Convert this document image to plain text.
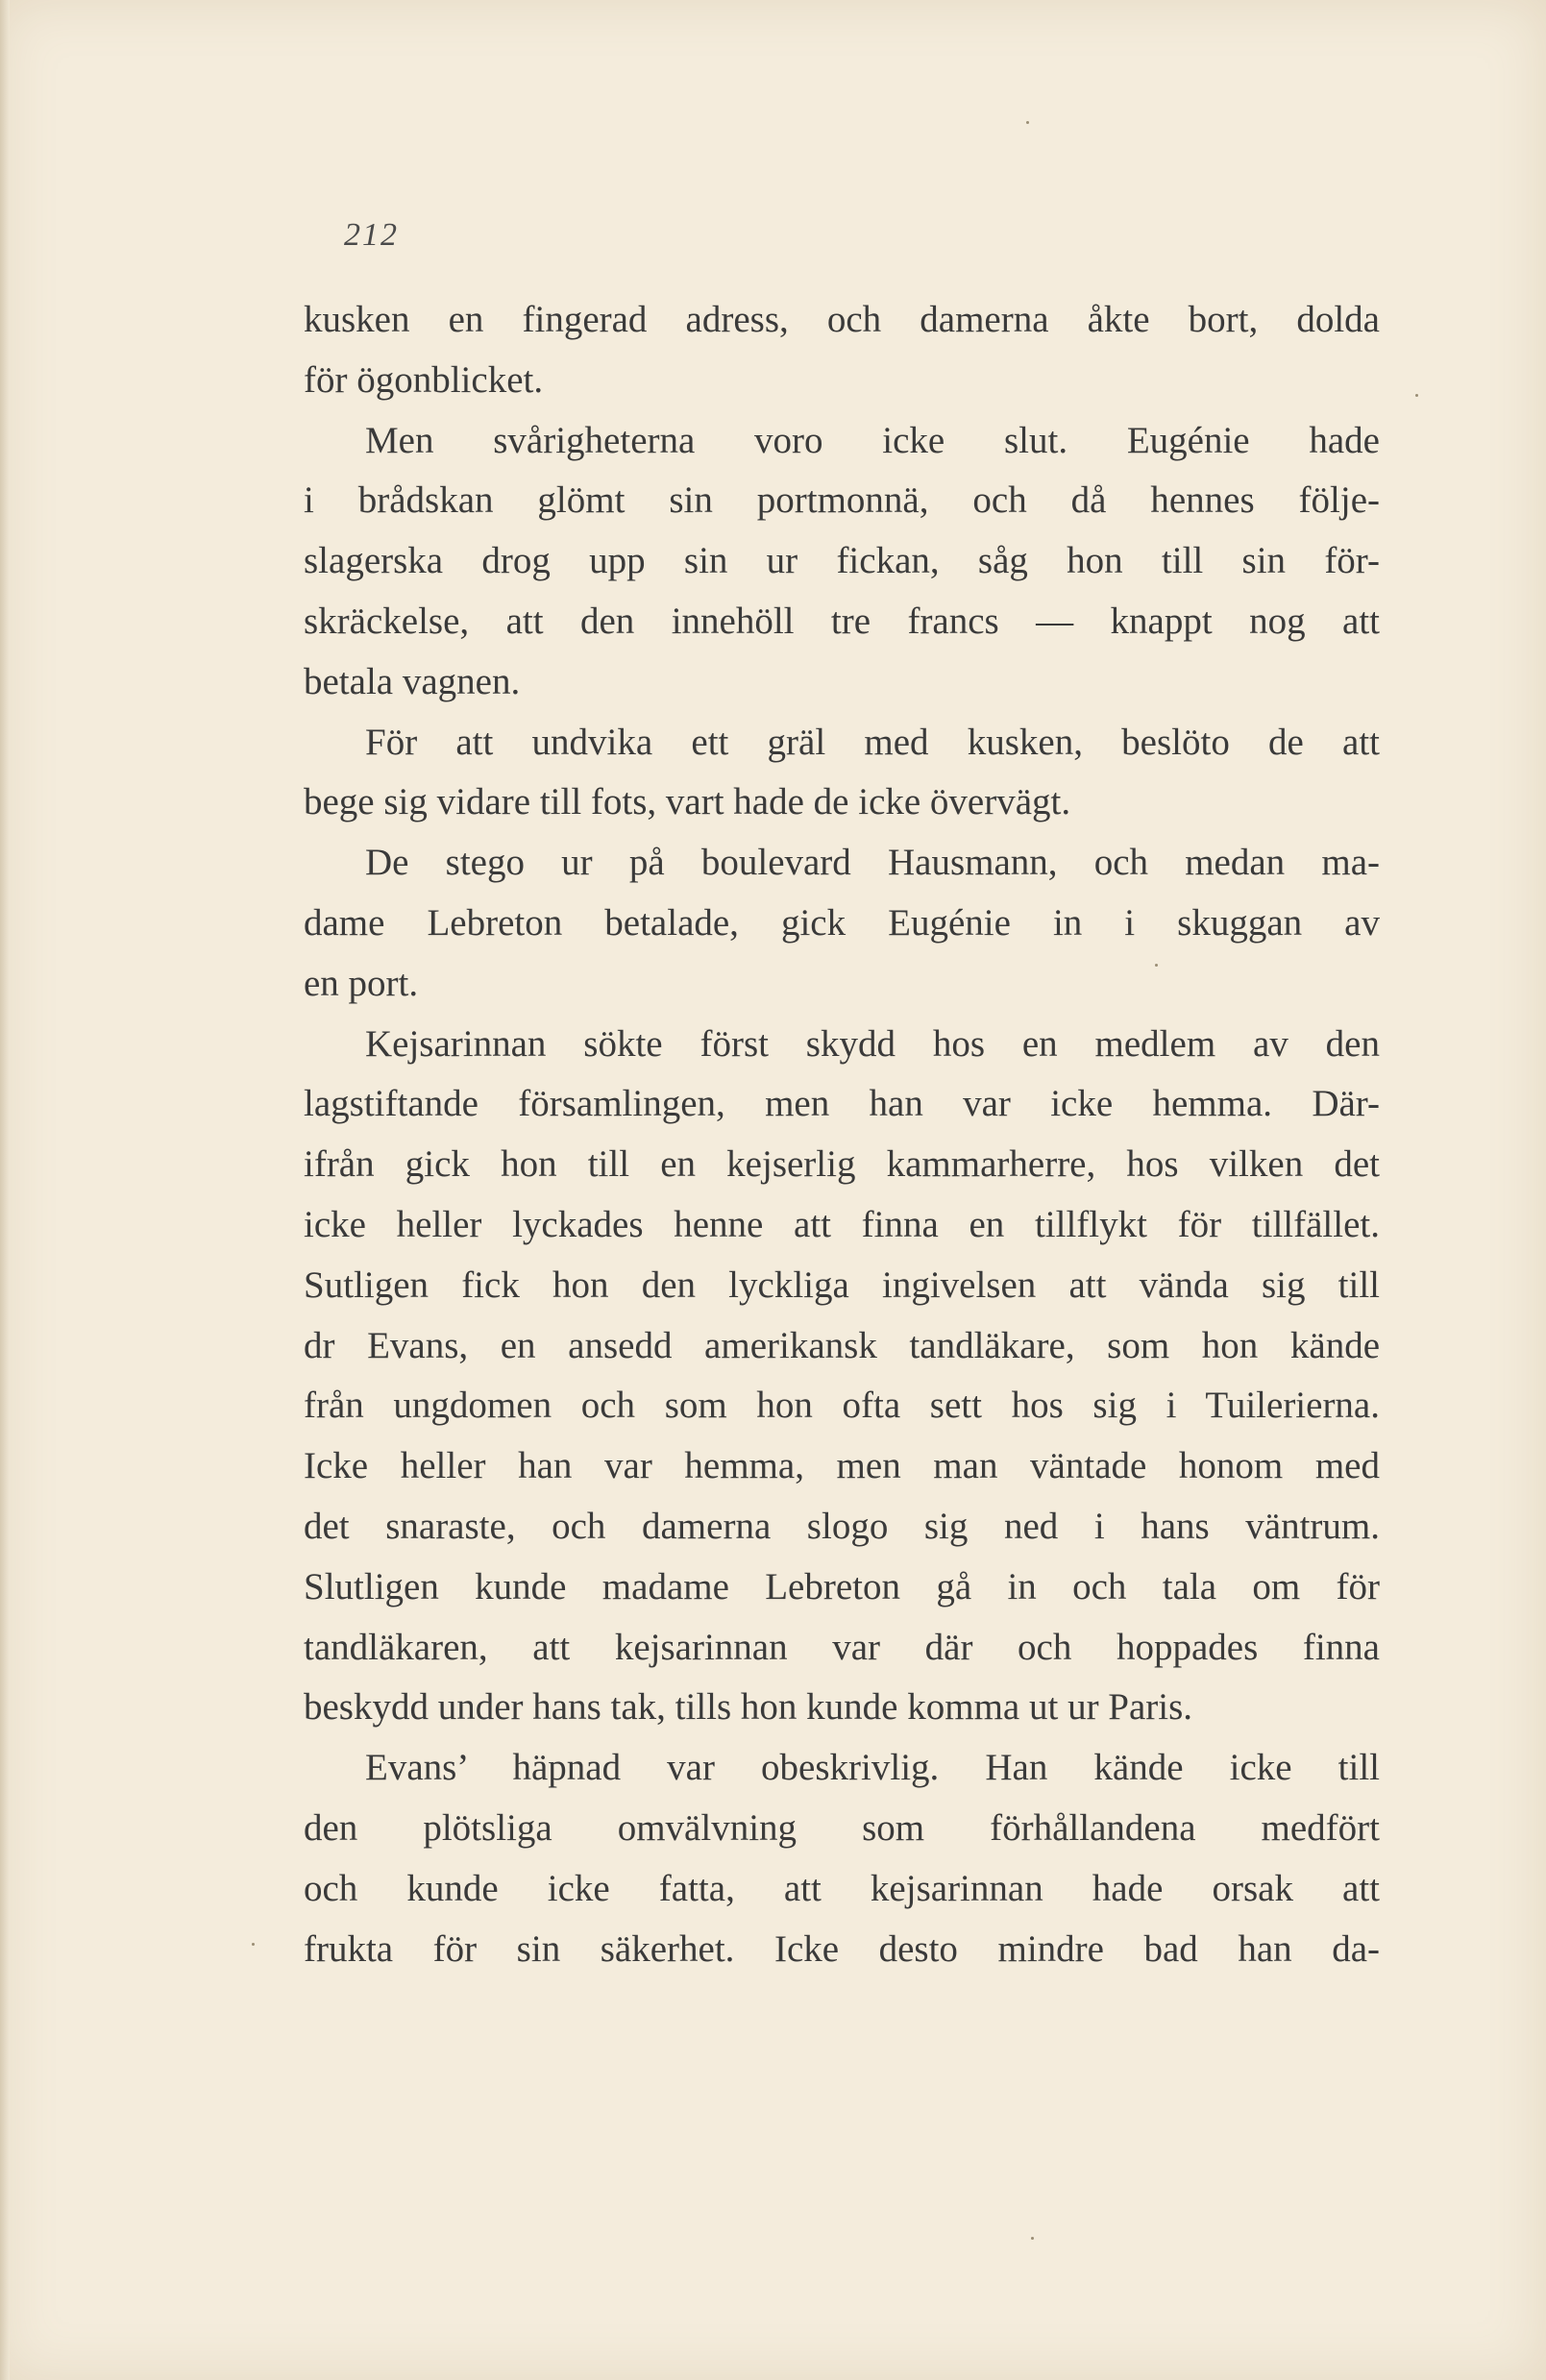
212
kusken en fingerad adress, och damerna åkte bort, dolda
för ögonblicket.
Men svårigheterna voro icke slut. Eugénie hade
i brådskan glömt sin portmonnä, och då hennes följe-
slagerska drog upp sin ur fickan, såg hon till sin för-
skräckelse, att den innehöll tre francs — knappt nog att
betala vagnen.
För att undvika ett gräl med kusken, beslöto de att
bege sig vidare till fots, vart hade de icke övervägt.
De stego ur på boulevard Hausmann, och medan ma-
dame Lebreton betalade, gick Eugénie in i skuggan av
en port.
Kejsarinnan sökte först skydd hos en medlem av den
lagstiftande församlingen, men han var icke hemma. Där-
ifrån gick hon till en kejserlig kammarherre, hos vilken det
icke heller lyckades henne att finna en tillflykt för tillfället.
Sutligen fick hon den lyckliga ingivelsen att vända sig till
dr Evans, en ansedd amerikansk tandläkare, som hon kände
från ungdomen och som hon ofta sett hos sig i Tuilerierna.
Icke heller han var hemma, men man väntade honom med
det snaraste, och damerna slogo sig ned i hans väntrum.
Slutligen kunde madame Lebreton gå in och tala om för
tandläkaren, att kejsarinnan var där och hoppades finna
beskydd under hans tak, tills hon kunde komma ut ur Paris.
Evans’ häpnad var obeskrivlig. Han kände icke till
den plötsliga omvälvning som förhållandena medfört
och kunde icke fatta, att kejsarinnan hade orsak att
frukta för sin säkerhet. Icke desto mindre bad han da-
